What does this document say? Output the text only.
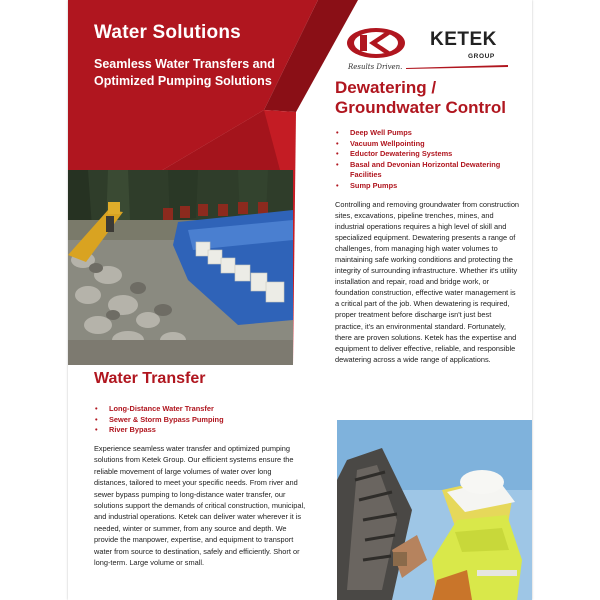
Water Solutions
Seamless Water Transfers and Optimized Pumping Solutions
KETEK
GROUP
Results Driven.
Dewatering / Groundwater Control
• Deep Well Pumps
• Vacuum Wellpointing
• Eductor Dewatering Systems
• Basal and Devonian Horizontal Dewatering Facilities
• Sump Pumps
Controlling and removing groundwater from construction sites, excavations, pipeline trenches, mines, and industrial operations requires a high level of skill and specialized equipment. Dewatering presents a range of challenges, from managing high water volumes to maintaining safe working conditions and protecting the integrity of surrounding infrastructure. Whether it's utility installation and repair, road and bridge work, or foundation construction, effective water management is a critical part of the job. When dewatering is required, proper treatment before discharge isn't just best practice, it's an environmental standard. Fortunately, there are proven solutions. Ketek has the expertise and equipment to deliver effective, reliable, and responsible dewatering across a wide range of applications.
Water Transfer
• Long-Distance Water Transfer
• Sewer & Storm Bypass Pumping
• River Bypass
Experience seamless water transfer and optimized pumping solutions from Ketek Group. Our efficient systems ensure the reliable movement of large volumes of water over long distances, tailored to meet your specific needs. From river and sewer bypass pumping to long-distance water transfer, our solutions support the demands of critical construction, municipal, and industrial operations. Ketek can deliver water wherever it is needed, winter or summer, from any source and depth. We provide the manpower, expertise, and equipment to transport water from source to destination, safely and efficiently. Short or long-term. Large volume or small.
